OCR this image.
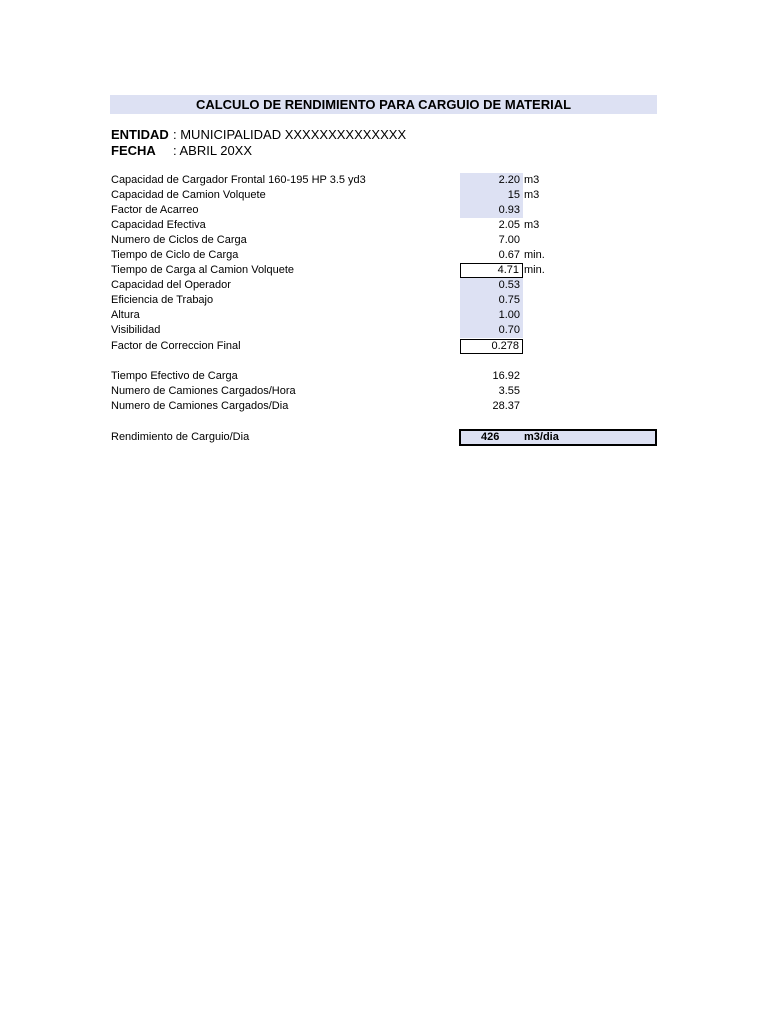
CALCULO DE RENDIMIENTO PARA CARGUIO DE MATERIAL
ENTIDAD : MUNICIPALIDAD XXXXXXXXXXXXXX
FECHA : ABRIL 20XX
Capacidad de Cargador Frontal 160-195 HP 3.5 yd3	2.20 m3
Capacidad de Camion Volquete	15 m3
Factor de Acarreo	0.93
Capacidad Efectiva	2.05 m3
Numero de Ciclos de Carga	7.00
Tiempo de Ciclo de Carga	0.67 min.
Tiempo de Carga al Camion Volquete	4.71 min.
Capacidad del Operador	0.53
Eficiencia de Trabajo	0.75
Altura	1.00
Visibilidad	0.70
Factor de Correccion Final	0.278
Tiempo Efectivo de Carga	16.92
Numero de Camiones Cargados/Hora	3.55
Numero de Camiones Cargados/Dia	28.37
Rendimiento de Carguio/Dia	426 m3/dia
